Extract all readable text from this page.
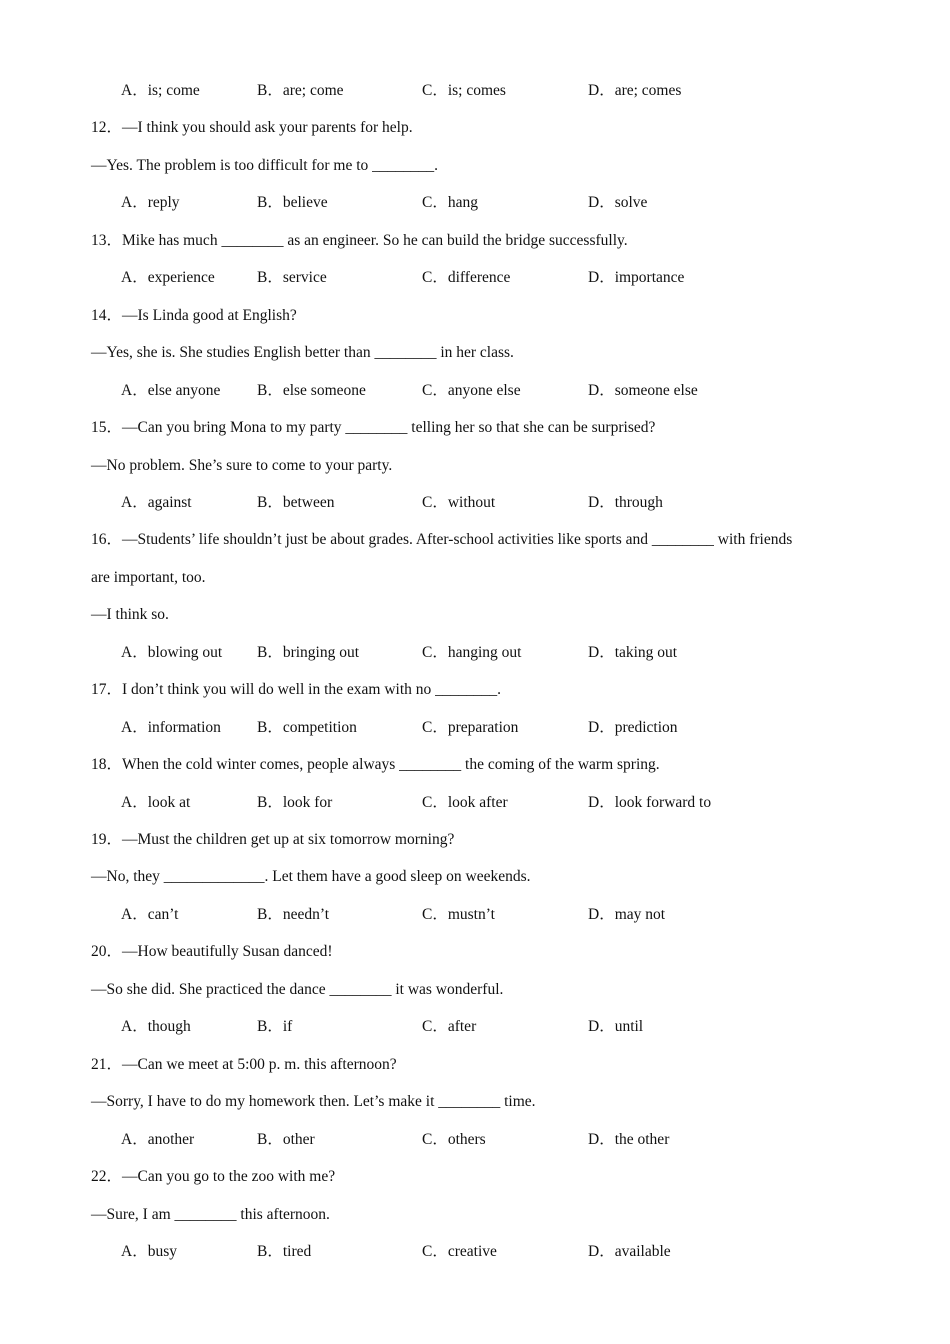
A．is; come	B．are; come	C．is; comes	D．are; comes
12．—I think you should ask your parents for help.
—Yes. The problem is too difficult for me to ________.
A．reply	B．believe	C．hang	D．solve
13．Mike has much ________ as an engineer. So he can build the bridge successfully.
A．experience	B．service	C．difference	D．importance
14．—Is Linda good at English?
—Yes, she is. She studies English better than ________ in her class.
A．else anyone B．else someone	C．anyone else	D．someone else
15．—Can you bring Mona to my party ________ telling her so that she can be surprised?
—No problem. She’s sure to come to your party.
A．against	B．between	C．without	D．through
16．—Students’ life shouldn’t just be about grades. After-school activities like sports and ________ with friends
are important, too.
—I think so.
A．blowing out B．bringing out	C．hanging out	D．taking out
17．I don’t think you will do well in the exam with no ________.
A．information B．competition	C．preparation	D．prediction
18．When the cold winter comes, people always ________ the coming of the warm spring.
A．look at	B．look for	C．look after	D．look forward to
19．—Must the children get up at six tomorrow morning?
—No, they _____________. Let them have a good sleep on weekends.
A．can’t	B．needn’t	C．mustn’t	D．may not
20．—How beautifully Susan danced!
—So she did. She practiced the dance ________ it was wonderful.
A．though	B．if	C．after	D．until
21．—Can we meet at 5:00 p. m. this afternoon?
—Sorry, I have to do my homework then. Let’s make it ________ time.
A．another	B．other	C．others	D．the other
22．—Can you go to the zoo with me?
—Sure, I am ________ this afternoon.
A．busy	B．tired	C．creative	D．available
